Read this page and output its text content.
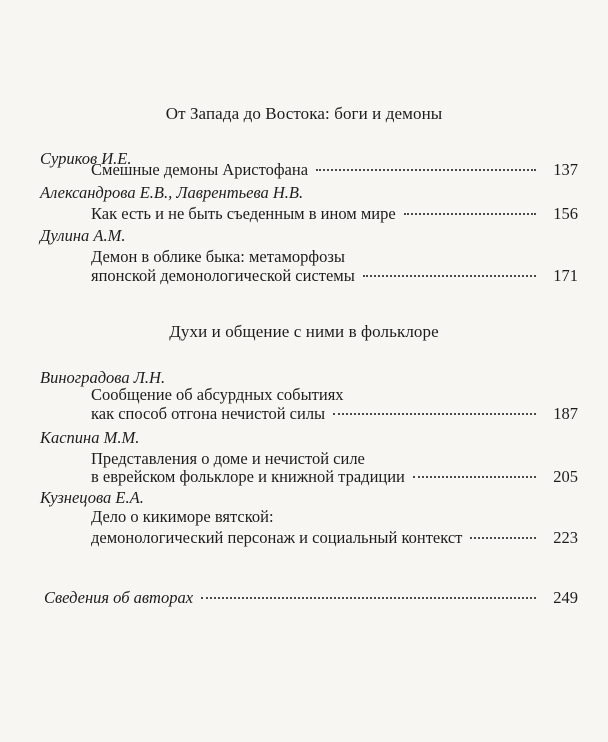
От Запада до Востока: боги и демоны
Суриков И.Е.
Смешные демоны Аристофана	137
Александрова Е.В., Лаврентьева Н.В.
Как есть и не быть съеденным в ином мире	156
Дулина А.М.
Демон в облике быка: метаморфозы
японской демонологической системы	171
Духи и общение с ними в фольклоре
Виноградова Л.Н.
Сообщение об абсурдных событиях
как способ отгона нечистой силы	187
Каспина М.М.
Представления о доме и нечистой силе
в еврейском фольклоре и книжной традиции	205
Кузнецова Е.А.
Дело о кикиморе вятской:
демонологический персонаж и социальный контекст	223
Сведения об авторах	249
